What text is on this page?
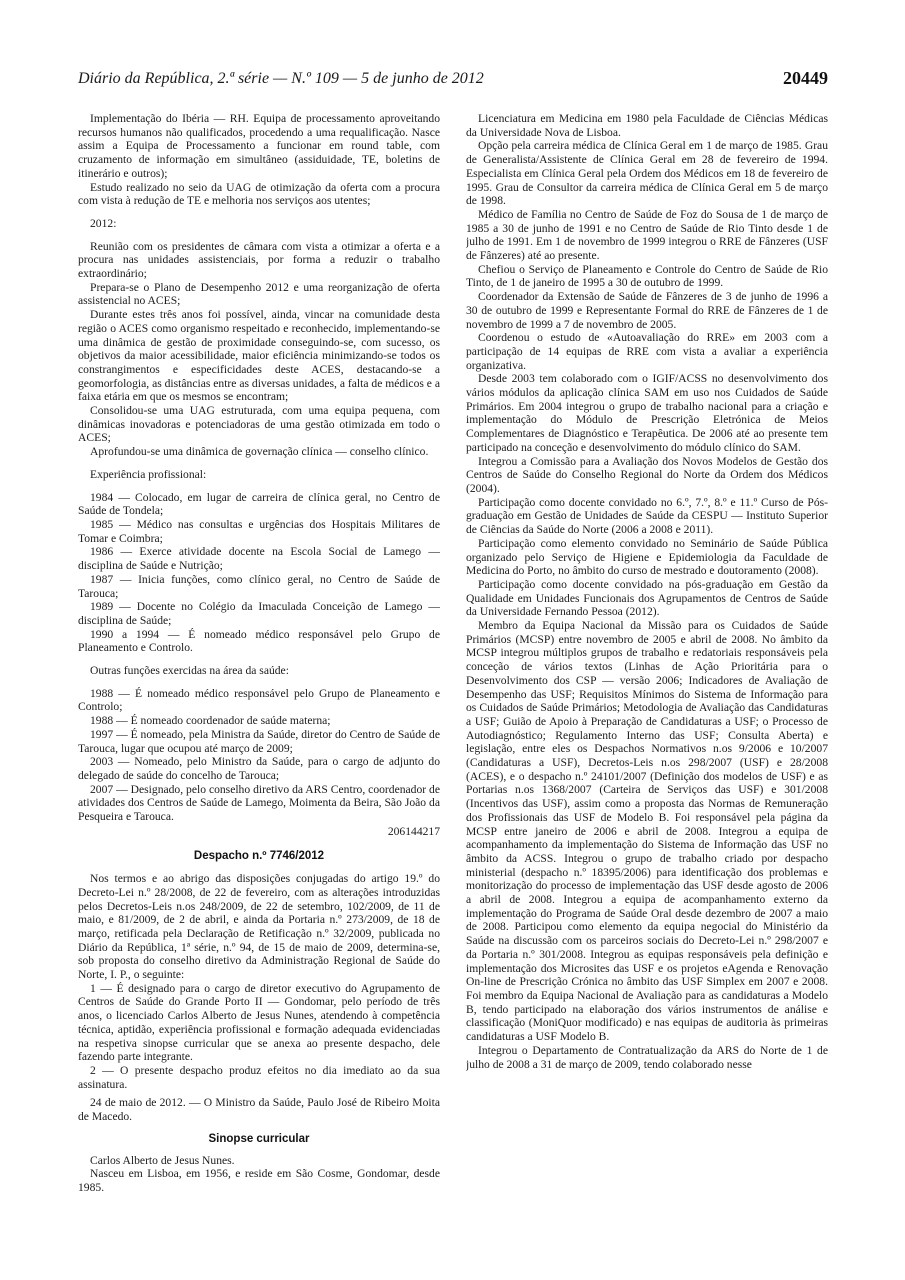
Diário da República, 2.ª série — N.º 109 — 5 de junho de 2012	20449

Implementação do Ibéria — RH. Equipa de processamento aproveitando recursos humanos não qualificados, procedendo a uma requalificação. Nasce assim a Equipa de Processamento a funcionar em round table, com cruzamento de informação em simultâneo (assiduidade, TE, boletins de itinerário e outros);

Estudo realizado no seio da UAG de otimização da oferta com a procura com vista à redução de TE e melhoria nos serviços aos utentes;

2012:

Reunião com os presidentes de câmara com vista a otimizar a oferta e a procura nas unidades assistenciais, por forma a reduzir o trabalho extraordinário;

Prepara-se o Plano de Desempenho 2012 e uma reorganização de oferta assistencial no ACES;

Durante estes três anos foi possível, ainda, vincar na comunidade desta região o ACES como organismo respeitado e reconhecido, implementando-se uma dinâmica de gestão de proximidade conseguindo-se, com sucesso, os objetivos da maior acessibilidade, maior eficiência minimizando-se todos os constrangimentos e especificidades deste ACES, destacando-se a geomorfologia, as distâncias entre as diversas unidades, a falta de médicos e a faixa etária em que os mesmos se encontram;

Consolidou-se uma UAG estruturada, com uma equipa pequena, com dinâmicas inovadoras e potenciadoras de uma gestão otimizada em todo o ACES;

Aprofundou-se uma dinâmica de governação clínica — conselho clínico.

Experiência profissional:

1984 — Colocado, em lugar de carreira de clínica geral, no Centro de Saúde de Tondela;

1985 — Médico nas consultas e urgências dos Hospitais Militares de Tomar e Coimbra;

1986 — Exerce atividade docente na Escola Social de Lamego — disciplina de Saúde e Nutrição;

1987 — Inicia funções, como clínico geral, no Centro de Saúde de Tarouca;

1989 — Docente no Colégio da Imaculada Conceição de Lamego — disciplina de Saúde;

1990 a 1994 — É nomeado médico responsável pelo Grupo de Planeamento e Controlo.

Outras funções exercidas na área da saúde:

1988 — É nomeado médico responsável pelo Grupo de Planeamento e Controlo;

1988 — É nomeado coordenador de saúde materna;

1997 — É nomeado, pela Ministra da Saúde, diretor do Centro de Saúde de Tarouca, lugar que ocupou até março de 2009;

2003 — Nomeado, pelo Ministro da Saúde, para o cargo de adjunto do delegado de saúde do concelho de Tarouca;

2007 — Designado, pelo conselho diretivo da ARS Centro, coordenador de atividades dos Centros de Saúde de Lamego, Moimenta da Beira, São João da Pesqueira e Tarouca.

206144217

Despacho n.º 7746/2012

Nos termos e ao abrigo das disposições conjugadas do artigo 19.º do Decreto-Lei n.º 28/2008, de 22 de fevereiro, com as alterações introduzidas pelos Decretos-Leis n.os 248/2009, de 22 de setembro, 102/2009, de 11 de maio, e 81/2009, de 2 de abril, e ainda da Portaria n.º 273/2009, de 18 de março, retificada pela Declaração de Retificação n.º 32/2009, publicada no Diário da República, 1ª série, n.º 94, de 15 de maio de 2009, determina-se, sob proposta do conselho diretivo da Administração Regional de Saúde do Norte, I. P., o seguinte:

1 — É designado para o cargo de diretor executivo do Agrupamento de Centros de Saúde do Grande Porto II — Gondomar, pelo período de três anos, o licenciado Carlos Alberto de Jesus Nunes, atendendo à competência técnica, aptidão, experiência profissional e formação adequada evidenciadas na respetiva sinopse curricular que se anexa ao presente despacho, dele fazendo parte integrante.

2 — O presente despacho produz efeitos no dia imediato ao da sua assinatura.

24 de maio de 2012. — O Ministro da Saúde, Paulo José de Ribeiro Moita de Macedo.

Sinopse curricular

Carlos Alberto de Jesus Nunes.

Nasceu em Lisboa, em 1956, e reside em São Cosme, Gondomar, desde 1985.

Licenciatura em Medicina em 1980 pela Faculdade de Ciências Médicas da Universidade Nova de Lisboa.

Opção pela carreira médica de Clínica Geral em 1 de março de 1985. Grau de Generalista/Assistente de Clínica Geral em 28 de fevereiro de 1994. Especialista em Clínica Geral pela Ordem dos Médicos em 18 de fevereiro de 1995. Grau de Consultor da carreira médica de Clínica Geral em 5 de março de 1998.

Médico de Família no Centro de Saúde de Foz do Sousa de 1 de março de 1985 a 30 de junho de 1991 e no Centro de Saúde de Rio Tinto desde 1 de julho de 1991. Em 1 de novembro de 1999 integrou o RRE de Fânzeres (USF de Fânzeres) até ao presente.

Chefiou o Serviço de Planeamento e Controle do Centro de Saúde de Rio Tinto, de 1 de janeiro de 1995 a 30 de outubro de 1999.

Coordenador da Extensão de Saúde de Fânzeres de 3 de junho de 1996 a 30 de outubro de 1999 e Representante Formal do RRE de Fânzeres de 1 de novembro de 1999 a 7 de novembro de 2005.

Coordenou o estudo de «Autoavaliação do RRE» em 2003 com a participação de 14 equipas de RRE com vista a avaliar a experiência organizativa.

Desde 2003 tem colaborado com o IGIF/ACSS no desenvolvimento dos vários módulos da aplicação clínica SAM em uso nos Cuidados de Saúde Primários. Em 2004 integrou o grupo de trabalho nacional para a criação e implementação do Módulo de Prescrição Eletrónica de Meios Complementares de Diagnóstico e Terapêutica. De 2006 até ao presente tem participado na conceção e desenvolvimento do módulo clínico do SAM.

Integrou a Comissão para a Avaliação dos Novos Modelos de Gestão dos Centros de Saúde do Conselho Regional do Norte da Ordem dos Médicos (2004).

Participação como docente convidado no 6.º, 7.º, 8.º e 11.º Curso de Pós-graduação em Gestão de Unidades de Saúde da CESPU — Instituto Superior de Ciências da Saúde do Norte (2006 a 2008 e 2011).

Participação como elemento convidado no Seminário de Saúde Pública organizado pelo Serviço de Higiene e Epidemiologia da Faculdade de Medicina do Porto, no âmbito do curso de mestrado e doutoramento (2008).

Participação como docente convidado na pós-graduação em Gestão da Qualidade em Unidades Funcionais dos Agrupamentos de Centros de Saúde da Universidade Fernando Pessoa (2012).

Membro da Equipa Nacional da Missão para os Cuidados de Saúde Primários (MCSP) entre novembro de 2005 e abril de 2008. No âmbito da MCSP integrou múltiplos grupos de trabalho e redatoriais responsáveis pela conceção de vários textos (Linhas de Ação Prioritária para o Desenvolvimento dos CSP — versão 2006; Indicadores de Avaliação de Desempenho das USF; Requisitos Mínimos do Sistema de Informação para os Cuidados de Saúde Primários; Metodologia de Avaliação das Candidaturas a USF; Guião de Apoio à Preparação de Candidaturas a USF; o Processo de Autodiagnóstico; Regulamento Interno das USF; Consulta Aberta) e legislação, entre eles os Despachos Normativos n.os 9/2006 e 10/2007 (Candidaturas a USF), Decretos-Leis n.os 298/2007 (USF) e 28/2008 (ACES), e o despacho n.º 24101/2007 (Definição dos modelos de USF) e as Portarias n.os 1368/2007 (Carteira de Serviços das USF) e 301/2008 (Incentivos das USF), assim como a proposta das Normas de Remuneração dos Profissionais das USF de Modelo B. Foi responsável pela página da MCSP entre janeiro de 2006 e abril de 2008. Integrou a equipa de acompanhamento da implementação do Sistema de Informação das USF no âmbito da ACSS. Integrou o grupo de trabalho criado por despacho ministerial (despacho n.º 18395/2006) para identificação dos problemas e monitorização do processo de implementação das USF desde agosto de 2006 a abril de 2008. Integrou a equipa de acompanhamento externo da implementação do Programa de Saúde Oral desde dezembro de 2007 a maio de 2008. Participou como elemento da equipa negocial do Ministério da Saúde na discussão com os parceiros sociais do Decreto-Lei n.º 298/2007 e da Portaria n.º 301/2008. Integrou as equipas responsáveis pela definição e implementação dos Microsites das USF e os projetos eAgenda e Renovação On-line de Prescrição Crónica no âmbito das USF Simplex em 2007 e 2008. Foi membro da Equipa Nacional de Avaliação para as candidaturas a Modelo B, tendo participado na elaboração dos vários instrumentos de análise e classificação (MoniQuor modificado) e nas equipas de auditoria às primeiras candidaturas a USF Modelo B.

Integrou o Departamento de Contratualização da ARS do Norte de 1 de julho de 2008 a 31 de março de 2009, tendo colaborado nesse
